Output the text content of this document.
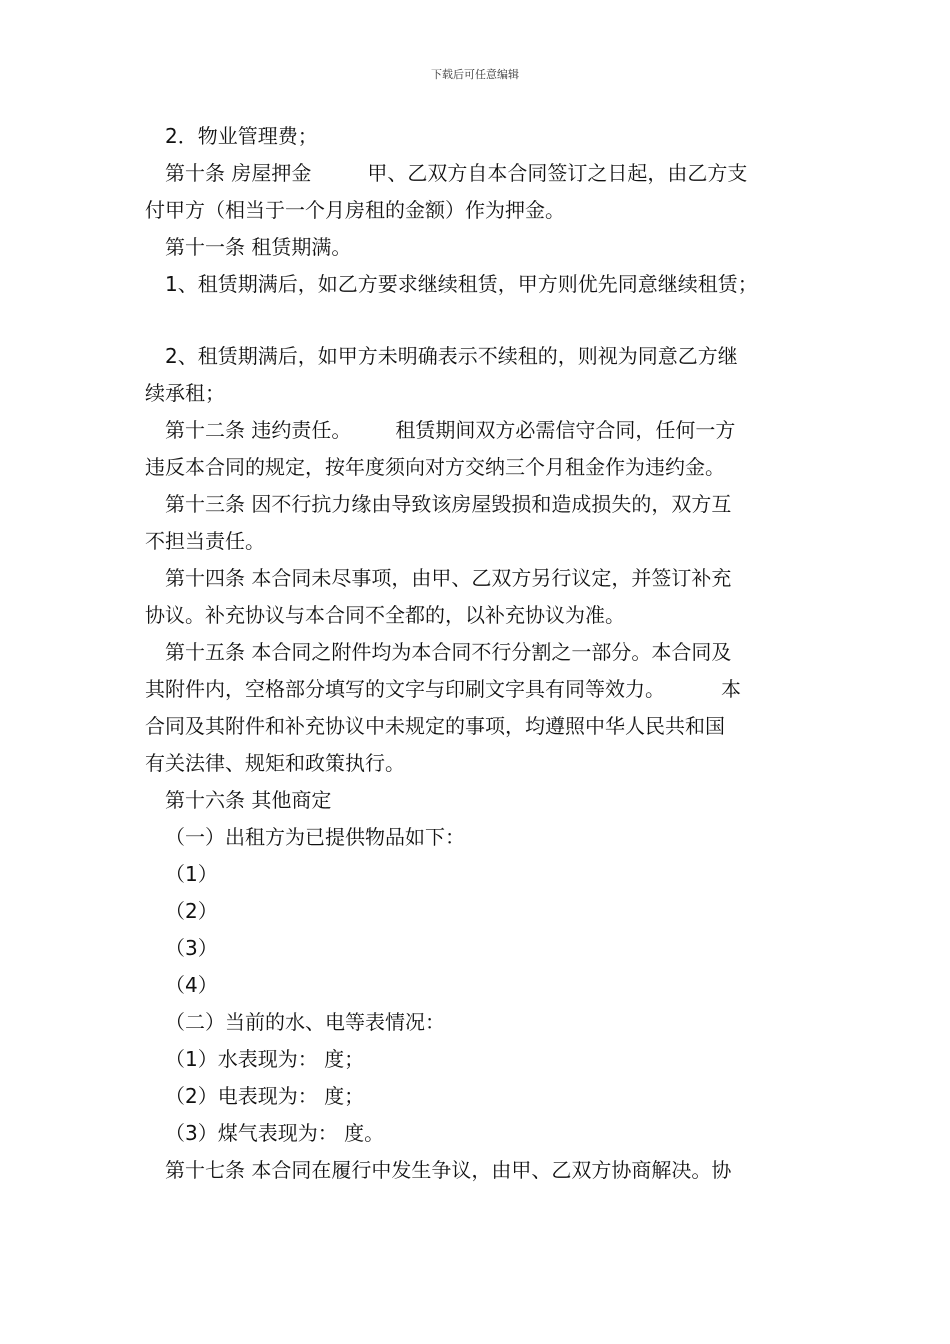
下载后可任意编辑

2．物业管理费；

第十条 房屋押金	甲、乙双方自本合同签订之日起，由乙方支

付甲方（相当于一个月房租的金额）作为押金。

第十一条 租赁期满。

1、租赁期满后，如乙方要求继续租赁，甲方则优先同意继续租赁；

2、租赁期满后，如甲方未明确表示不续租的，则视为同意乙方继

续承租；

第十二条 违约责任。 租赁期间双方必需信守合同，任何一方

违反本合同的规定，按年度须向对方交纳三个月租金作为违约金。

第十三条 因不行抗力缘由导致该房屋毁损和造成损失的，双方互

不担当责任。

第十四条 本合同未尽事项，由甲、乙双方另行议定，并签订补充

协议。补充协议与本合同不全都的，以补充协议为准。

第十五条 本合同之附件均为本合同不行分割之一部分。本合同及

其附件内，空格部分填写的文字与印刷文字具有同等效力。	本

合同及其附件和补充协议中未规定的事项，均遵照中华人民共和国

有关法律、规矩和政策执行。

第十六条 其他商定

（一）出租方为已提供物品如下：

（1）

（2）

（3）

（4）

（二）当前的水、电等表情况：

（1）水表现为： 度；

（2）电表现为： 度；

（3）煤气表现为： 度。

第十七条 本合同在履行中发生争议，由甲、乙双方协商解决。协
